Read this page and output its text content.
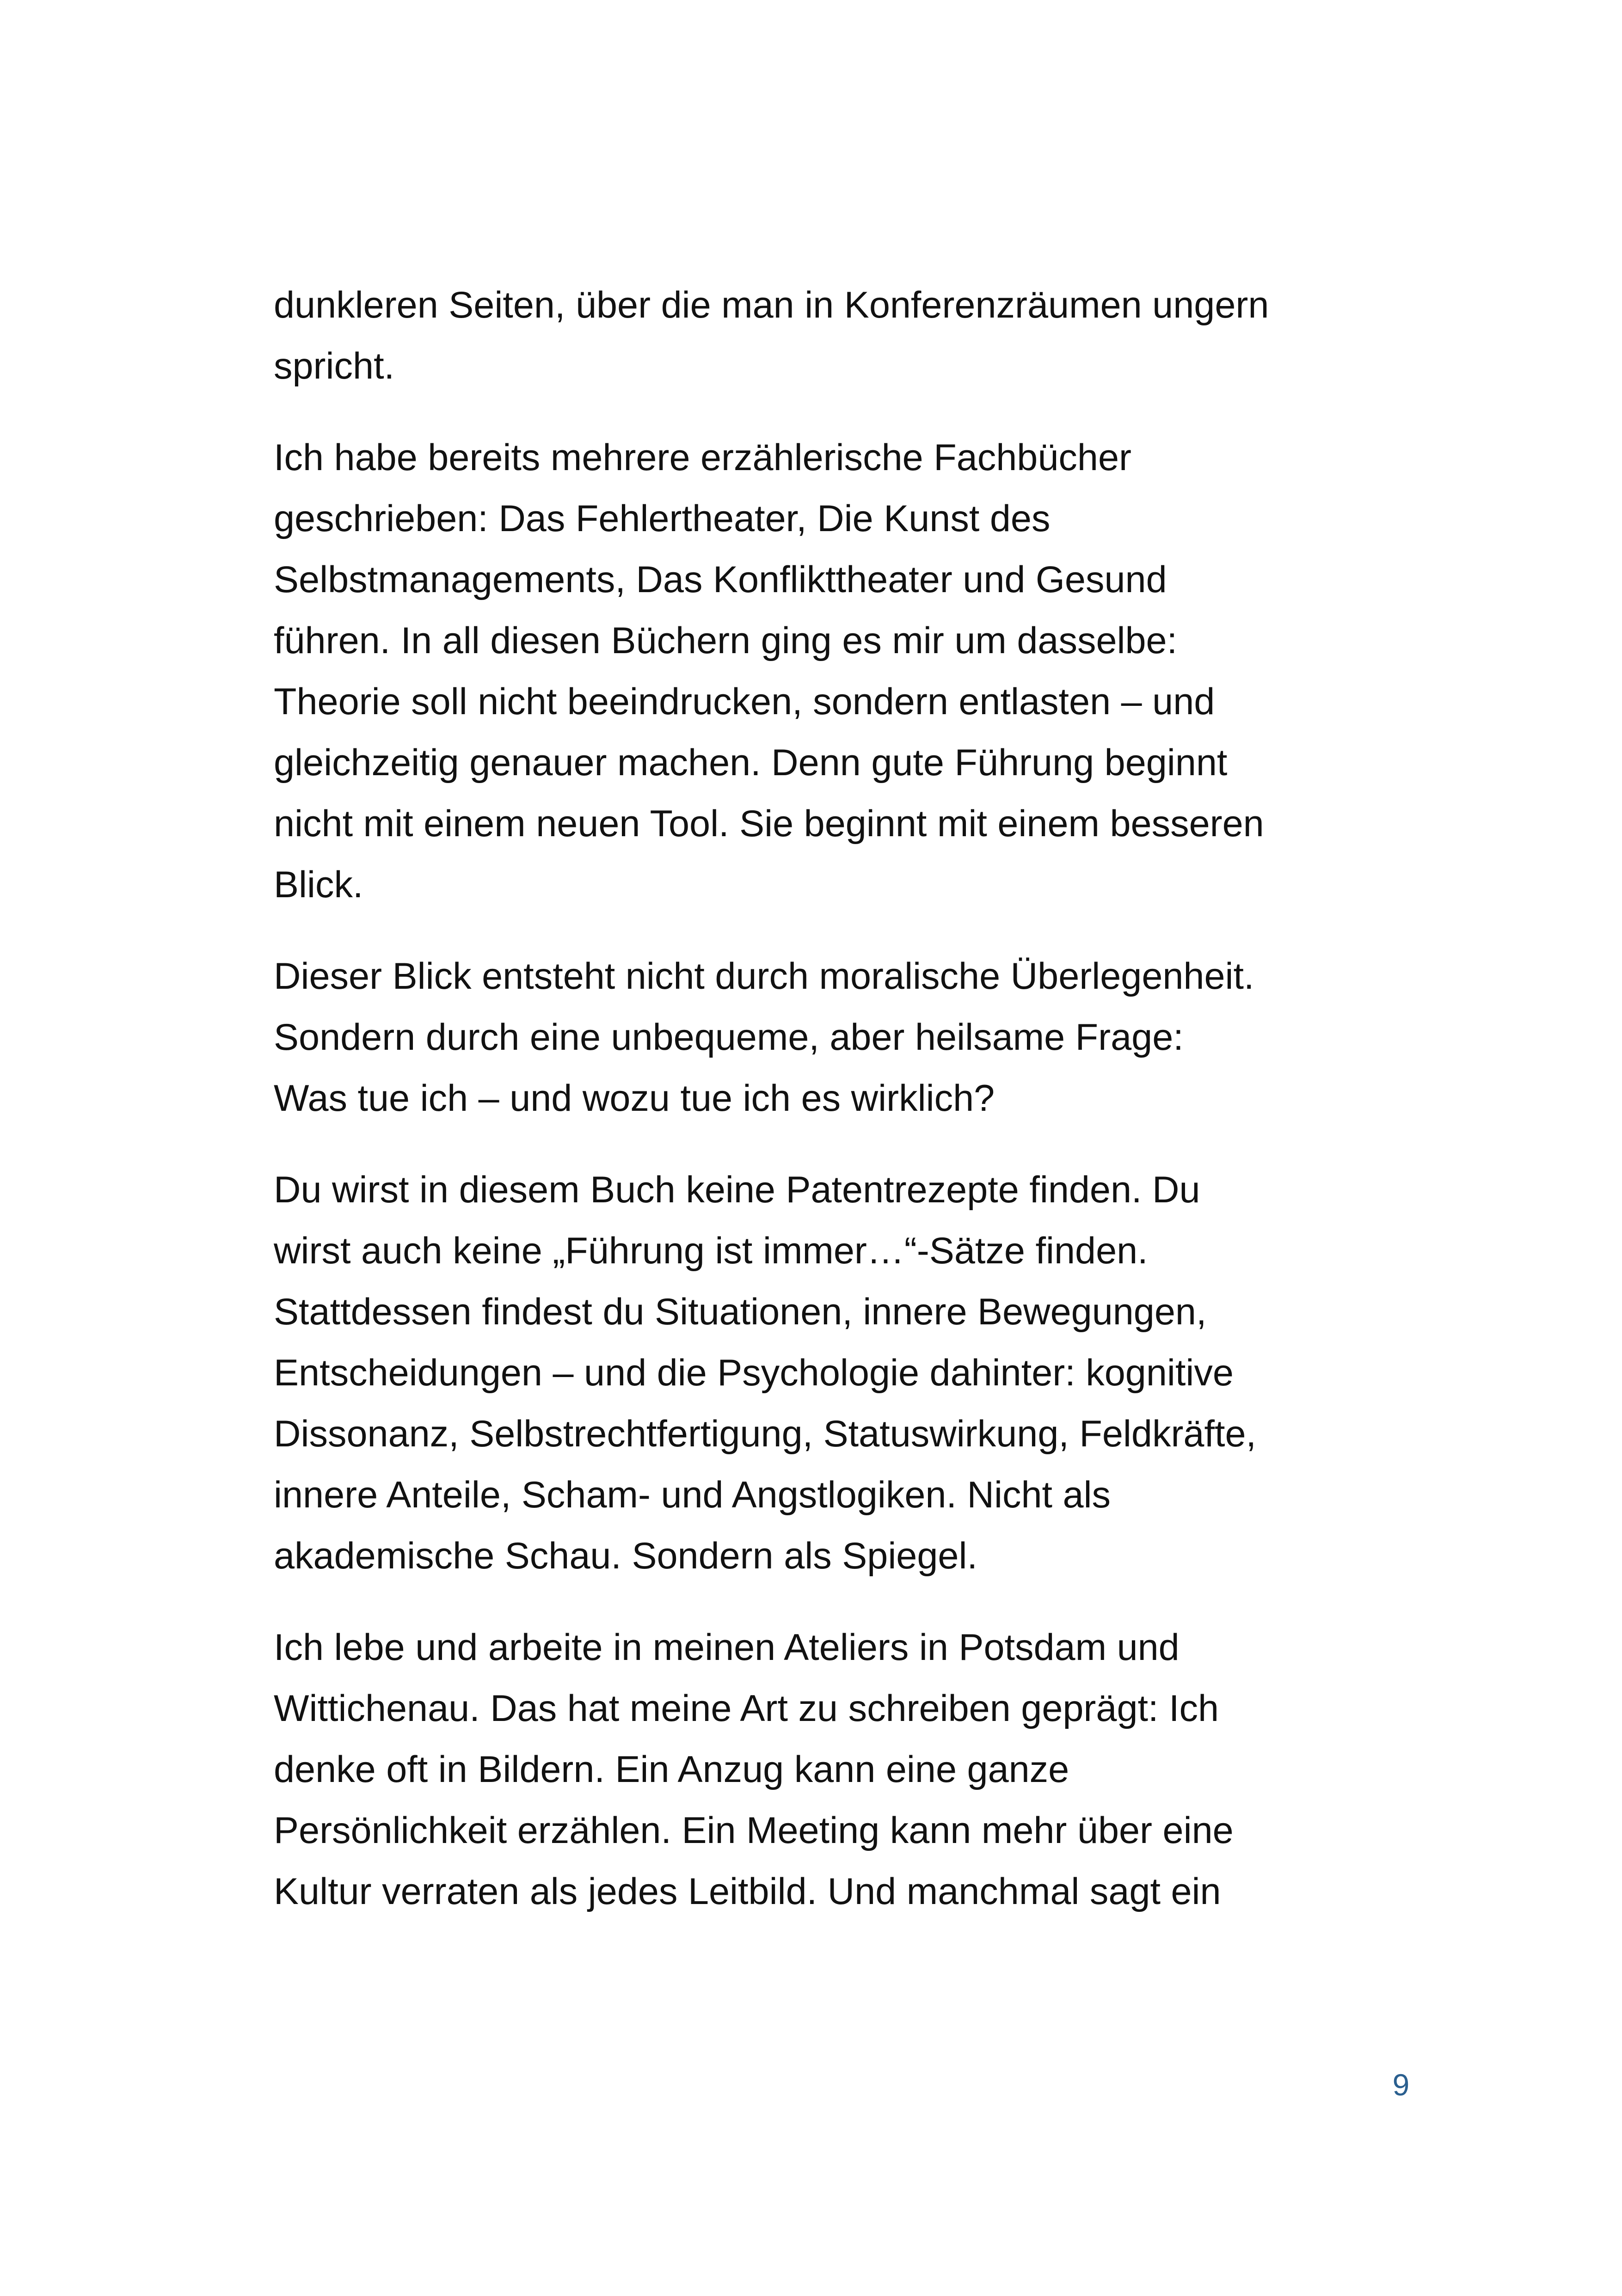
dunkleren Seiten, über die man in Konferenzräumen ungern
spricht.

Ich habe bereits mehrere erzählerische Fachbücher
geschrieben: Das Fehlertheater, Die Kunst des
Selbstmanagements, Das Konflikttheater und Gesund
führen. In all diesen Büchern ging es mir um dasselbe:
Theorie soll nicht beeindrucken, sondern entlasten – und
gleichzeitig genauer machen. Denn gute Führung beginnt
nicht mit einem neuen Tool. Sie beginnt mit einem besseren
Blick.

Dieser Blick entsteht nicht durch moralische Überlegenheit.
Sondern durch eine unbequeme, aber heilsame Frage:
Was tue ich – und wozu tue ich es wirklich?

Du wirst in diesem Buch keine Patentrezepte finden. Du
wirst auch keine „Führung ist immer…“-Sätze finden.
Stattdessen findest du Situationen, innere Bewegungen,
Entscheidungen – und die Psychologie dahinter: kognitive
Dissonanz, Selbstrechtfertigung, Statuswirkung, Feldkräfte,
innere Anteile, Scham- und Angstlogiken. Nicht als
akademische Schau. Sondern als Spiegel.

Ich lebe und arbeite in meinen Ateliers in Potsdam und
Wittichenau. Das hat meine Art zu schreiben geprägt: Ich
denke oft in Bildern. Ein Anzug kann eine ganze
Persönlichkeit erzählen. Ein Meeting kann mehr über eine
Kultur verraten als jedes Leitbild. Und manchmal sagt ein

9
